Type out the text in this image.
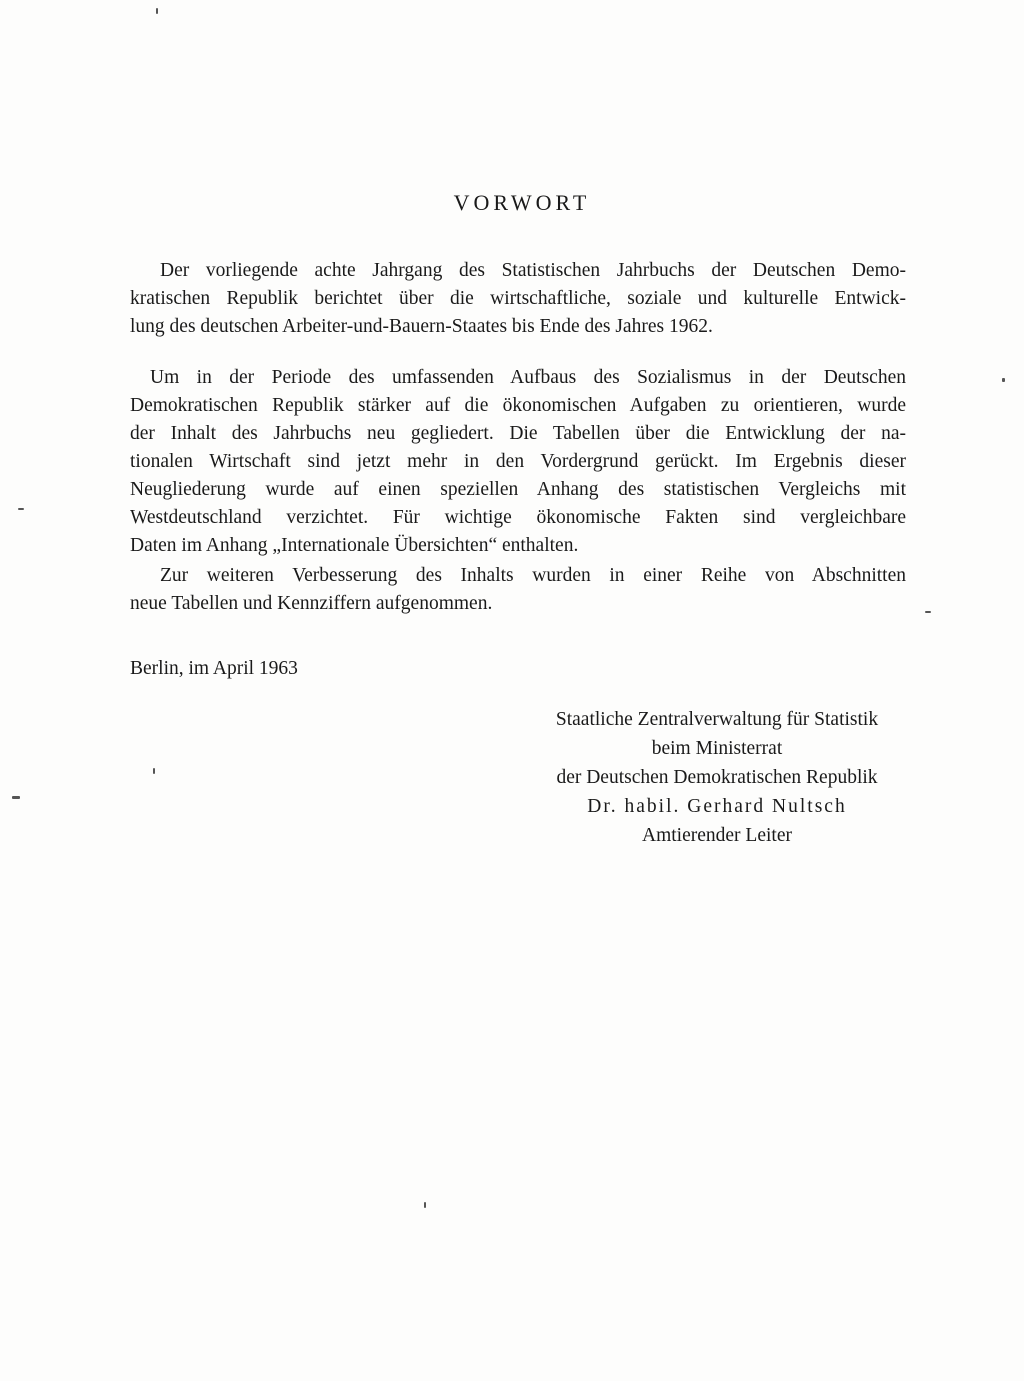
VORWORT
Der vorliegende achte Jahrgang des Statistischen Jahrbuchs der Deutschen Demo-
kratischen Republik berichtet über die wirtschaftliche, soziale und kulturelle Entwick-
lung des deutschen Arbeiter-und-Bauern-Staates bis Ende des Jahres 1962.
Um in der Periode des umfassenden Aufbaus des Sozialismus in der Deutschen
Demokratischen Republik stärker auf die ökonomischen Aufgaben zu orientieren, wurde
der Inhalt des Jahrbuchs neu gegliedert. Die Tabellen über die Entwicklung der na-
tionalen Wirtschaft sind jetzt mehr in den Vordergrund gerückt. Im Ergebnis dieser
Neugliederung wurde auf einen speziellen Anhang des statistischen Vergleichs mit
Westdeutschland verzichtet. Für wichtige ökonomische Fakten sind vergleichbare
Daten im Anhang „Internationale Übersichten“ enthalten.
Zur weiteren Verbesserung des Inhalts wurden in einer Reihe von Abschnitten
neue Tabellen und Kennziffern aufgenommen.
Berlin, im April 1963
Staatliche Zentralverwaltung für Statistik
beim Ministerrat
der Deutschen Demokratischen Republik
Dr. habil. Gerhard Nultsch
Amtierender Leiter
